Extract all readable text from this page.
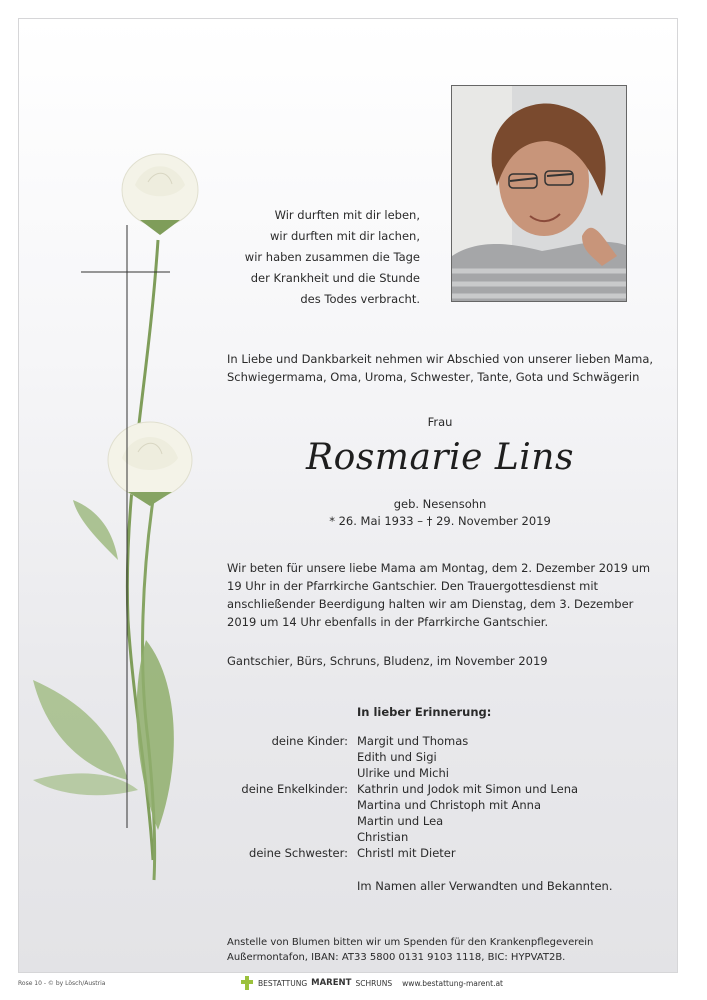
Wir durften mit dir leben,
wir durften mit dir lachen,
wir haben zusammen die Tage
der Krankheit und die Stunde
des Todes verbracht.
In Liebe und Dankbarkeit nehmen wir Abschied von unserer lieben Mama, Schwiegermama, Oma, Uroma, Schwester, Tante, Gota und Schwägerin
Frau
Rosmarie Lins
geb. Nesensohn
* 26. Mai 1933 – † 29. November 2019
Wir beten für unsere liebe Mama am Montag, dem 2. Dezember 2019 um 19 Uhr in der Pfarrkirche Gantschier. Den Trauergottesdienst mit anschließender Beerdigung halten wir am Dienstag, dem 3. Dezember 2019 um 14 Uhr ebenfalls in der Pfarrkirche Gantschier.
Gantschier, Bürs, Schruns, Bludenz, im November 2019
In lieber Erinnerung:
deine Kinder: Margit und Thomas
Edith und Sigi
Ulrike und Michi
deine Enkelkinder: Kathrin und Jodok mit Simon und Lena
Martina und Christoph mit Anna
Martin und Lea
Christian
deine Schwester: Christl mit Dieter
Im Namen aller Verwandten und Bekannten.
Anstelle von Blumen bitten wir um Spenden für den Krankenpflegeverein Außermontafon, IBAN: AT33 5800 0131 9103 1118, BIC: HYPVAT2B.
Rose 10 - © by Lösch/Austria	BESTATTUNG MARENT SCHRUNS www.bestattung-marent.at
